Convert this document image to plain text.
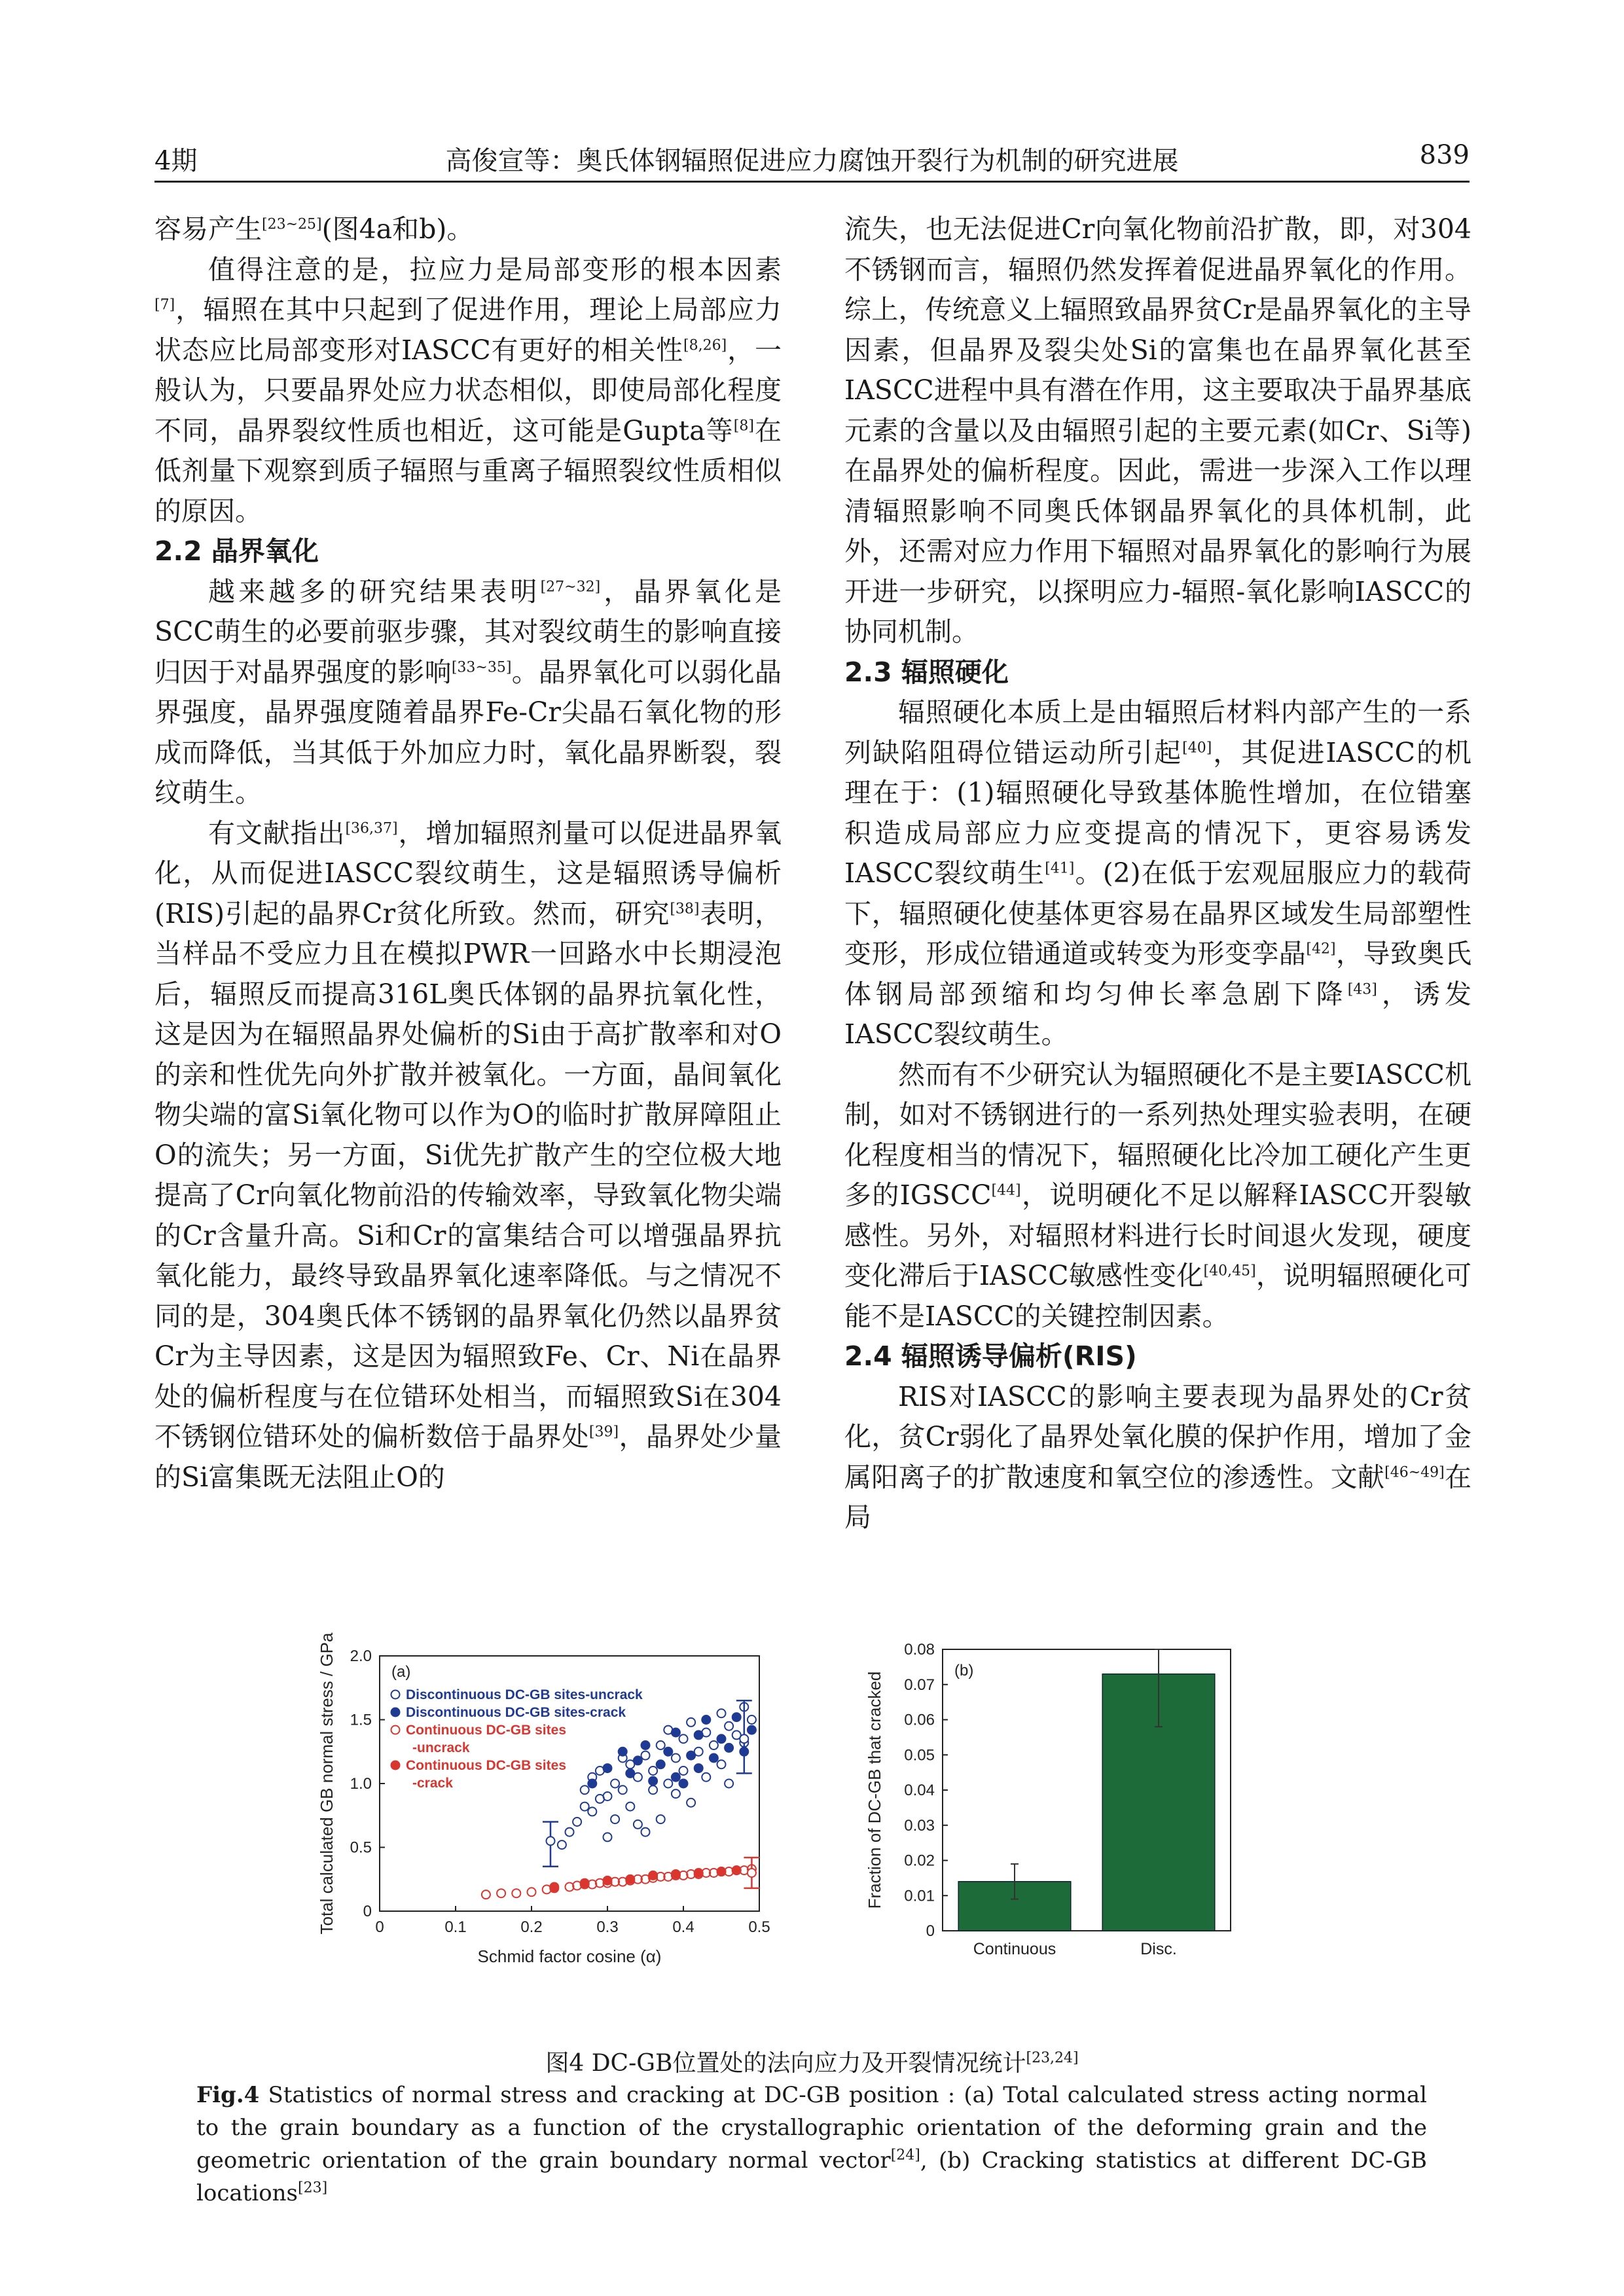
4期	高俊宣等：奥氏体钢辐照促进应力腐蚀开裂行为机制的研究进展	839

容易产生[23~25](图4a和b)。

值得注意的是，拉应力是局部变形的根本因素[7]，辐照在其中只起到了促进作用，理论上局部应力状态应比局部变形对IASCC有更好的相关性[8,26]，一般认为，只要晶界处应力状态相似，即使局部化程度不同，晶界裂纹性质也相近，这可能是Gupta等[8]在低剂量下观察到质子辐照与重离子辐照裂纹性质相似的原因。

2.2 晶界氧化

越来越多的研究结果表明[27~32]，晶界氧化是SCC萌生的必要前驱步骤，其对裂纹萌生的影响直接归因于对晶界强度的影响[33~35]。晶界氧化可以弱化晶界强度，晶界强度随着晶界Fe-Cr尖晶石氧化物的形成而降低，当其低于外加应力时，氧化晶界断裂，裂纹萌生。

有文献指出[36,37]，增加辐照剂量可以促进晶界氧化，从而促进IASCC裂纹萌生，这是辐照诱导偏析(RIS)引起的晶界Cr贫化所致。然而，研究[38]表明，当样品不受应力且在模拟PWR一回路水中长期浸泡后，辐照反而提高316L奥氏体钢的晶界抗氧化性，这是因为在辐照晶界处偏析的Si由于高扩散率和对O的亲和性优先向外扩散并被氧化。一方面，晶间氧化物尖端的富Si氧化物可以作为O的临时扩散屏障阻止O的流失；另一方面，Si优先扩散产生的空位极大地提高了Cr向氧化物前沿的传输效率，导致氧化物尖端的Cr含量升高。Si和Cr的富集结合可以增强晶界抗氧化能力，最终导致晶界氧化速率降低。与之情况不同的是，304奥氏体不锈钢的晶界氧化仍然以晶界贫Cr为主导因素，这是因为辐照致Fe、Cr、Ni在晶界处的偏析程度与在位错环处相当，而辐照致Si在304不锈钢位错环处的偏析数倍于晶界处[39]，晶界处少量的Si富集既无法阻止O的

流失，也无法促进Cr向氧化物前沿扩散，即，对304不锈钢而言，辐照仍然发挥着促进晶界氧化的作用。综上，传统意义上辐照致晶界贫Cr是晶界氧化的主导因素，但晶界及裂尖处Si的富集也在晶界氧化甚至IASCC进程中具有潜在作用，这主要取决于晶界基底元素的含量以及由辐照引起的主要元素(如Cr、Si等)在晶界处的偏析程度。因此，需进一步深入工作以理清辐照影响不同奥氏体钢晶界氧化的具体机制，此外，还需对应力作用下辐照对晶界氧化的影响行为展开进一步研究，以探明应力-辐照-氧化影响IASCC的协同机制。

2.3 辐照硬化

辐照硬化本质上是由辐照后材料内部产生的一系列缺陷阻碍位错运动所引起[40]，其促进IASCC的机理在于：(1)辐照硬化导致基体脆性增加，在位错塞积造成局部应力应变提高的情况下，更容易诱发IASCC裂纹萌生[41]。(2)在低于宏观屈服应力的载荷下，辐照硬化使基体更容易在晶界区域发生局部塑性变形，形成位错通道或转变为形变孪晶[42]，导致奥氏体钢局部颈缩和均匀伸长率急剧下降[43]，诱发IASCC裂纹萌生。

然而有不少研究认为辐照硬化不是主要IASCC机制，如对不锈钢进行的一系列热处理实验表明，在硬化程度相当的情况下，辐照硬化比冷加工硬化产生更多的IGSCC[44]，说明硬化不足以解释IASCC开裂敏感性。另外，对辐照材料进行长时间退火发现，硬度变化滞后于IASCC敏感性变化[40,45]，说明辐照硬化可能不是IASCC的关键控制因素。

2.4 辐照诱导偏析(RIS)

RIS对IASCC的影响主要表现为晶界处的Cr贫化，贫Cr弱化了晶界处氧化膜的保护作用，增加了金属阳离子的扩散速度和氧空位的渗透性。文献[46~49]在局

0	0.1	0.2	0.3	0.4	0.5
0
0.5
1.0
1.5
2.0
Schmid factor cosine (α)
Total calculated GB normal stress / GPa	(a)
Discontinuous DC-GB sites-uncrack
Discontinuous DC-GB sites-crack
Continuous DC-GB sites
-uncrack
Continuous DC-GB sites
-crack
0
0.01
0.02
0.03
0.04
0.05
0.06
0.07
0.08
Fraction of DC-GB that cracked
(b)
Continuous	Disc.
图4 DC-GB位置处的法向应力及开裂情况统计[23,24]
Fig.4 Statistics of normal stress and cracking at DC-GB position : (a) Total calculated stress acting normal to the grain boundary as a function of the crystallographic orientation of the deforming grain and the geometric orientation of the grain boundary normal vector[24], (b) Cracking statistics at different DC-GB locations[23]
